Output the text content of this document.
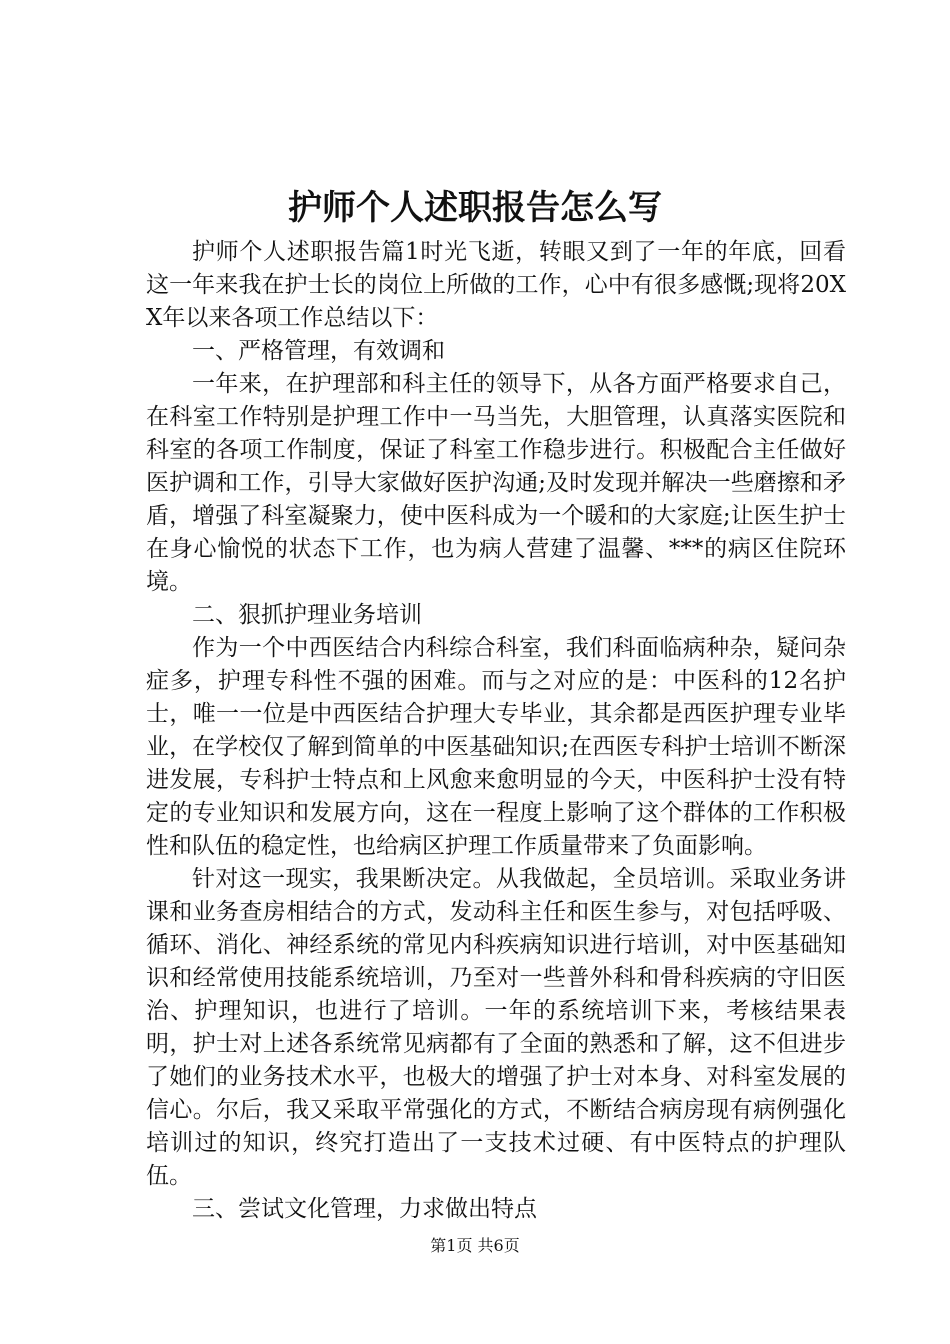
护师个人述职报告怎么写

护师个人述职报告篇1时光飞逝，转眼又到了一年的年底，回看这一年来我在护士长的岗位上所做的工作，心中有很多感慨;现将20XX年以来各项工作总结以下：

一、严格管理，有效调和

一年来，在护理部和科主任的领导下，从各方面严格要求自己，在科室工作特别是护理工作中一马当先，大胆管理，认真落实医院和科室的各项工作制度，保证了科室工作稳步进行。积极配合主任做好医护调和工作，引导大家做好医护沟通;及时发现并解决一些磨擦和矛盾，增强了科室凝聚力，使中医科成为一个暖和的大家庭;让医生护士在身心愉悦的状态下工作，也为病人营建了温馨、***的病区住院环境。

二、狠抓护理业务培训

作为一个中西医结合内科综合科室，我们科面临病种杂，疑问杂症多，护理专科性不强的困难。而与之对应的是：中医科的12名护士，唯一一位是中西医结合护理大专毕业，其余都是西医护理专业毕业，在学校仅了解到简单的中医基础知识;在西医专科护士培训不断深进发展，专科护士特点和上风愈来愈明显的今天，中医科护士没有特定的专业知识和发展方向，这在一程度上影响了这个群体的工作积极性和队伍的稳定性，也给病区护理工作质量带来了负面影响。

针对这一现实，我果断决定。从我做起，全员培训。采取业务讲课和业务查房相结合的方式，发动科主任和医生参与，对包括呼吸、循环、消化、神经系统的常见内科疾病知识进行培训，对中医基础知识和经常使用技能系统培训，乃至对一些普外科和骨科疾病的守旧医治、护理知识，也进行了培训。一年的系统培训下来，考核结果表明，护士对上述各系统常见病都有了全面的熟悉和了解，这不但进步了她们的业务技术水平，也极大的增强了护士对本身、对科室发展的信心。尔后，我又采取平常强化的方式，不断结合病房现有病例强化培训过的知识，终究打造出了一支技术过硬、有中医特点的护理队伍。

三、尝试文化管理，力求做出特点

第1页 共6页
